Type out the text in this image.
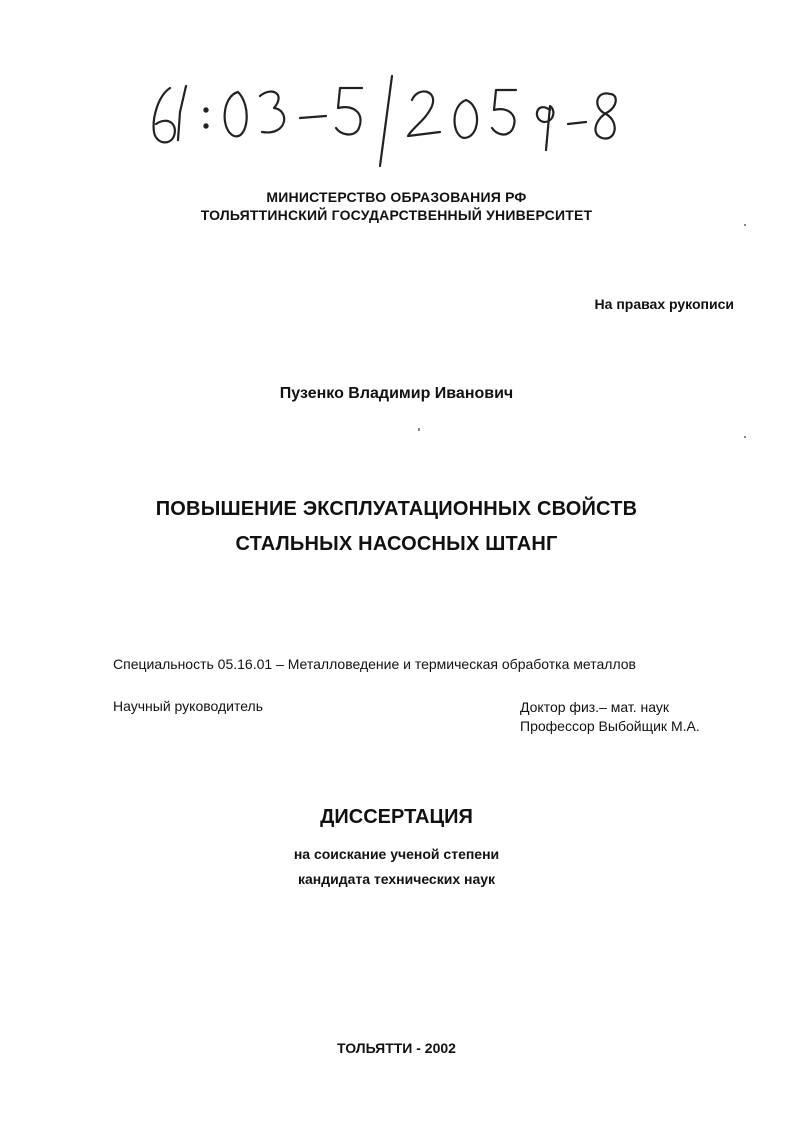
МИНИСТЕРСТВО ОБРАЗОВАНИЯ РФ
ТОЛЬЯТТИНСКИЙ ГОСУДАРСТВЕННЫЙ УНИВЕРСИТЕТ
На правах рукописи
Пузенко Владимир Иванович
ПОВЫШЕНИЕ ЭКСПЛУАТАЦИОННЫХ СВОЙСТВ
СТАЛЬНЫХ НАСОСНЫХ ШТАНГ
Специальность 05.16.01 – Металловедение и термическая обработка металлов
Научный руководитель	Доктор физ.– мат. наук
Профессор Выбойщик М.А.
ДИССЕРТАЦИЯ
на соискание ученой степени
кандидата технических наук
ТОЛЬЯТТИ - 2002
